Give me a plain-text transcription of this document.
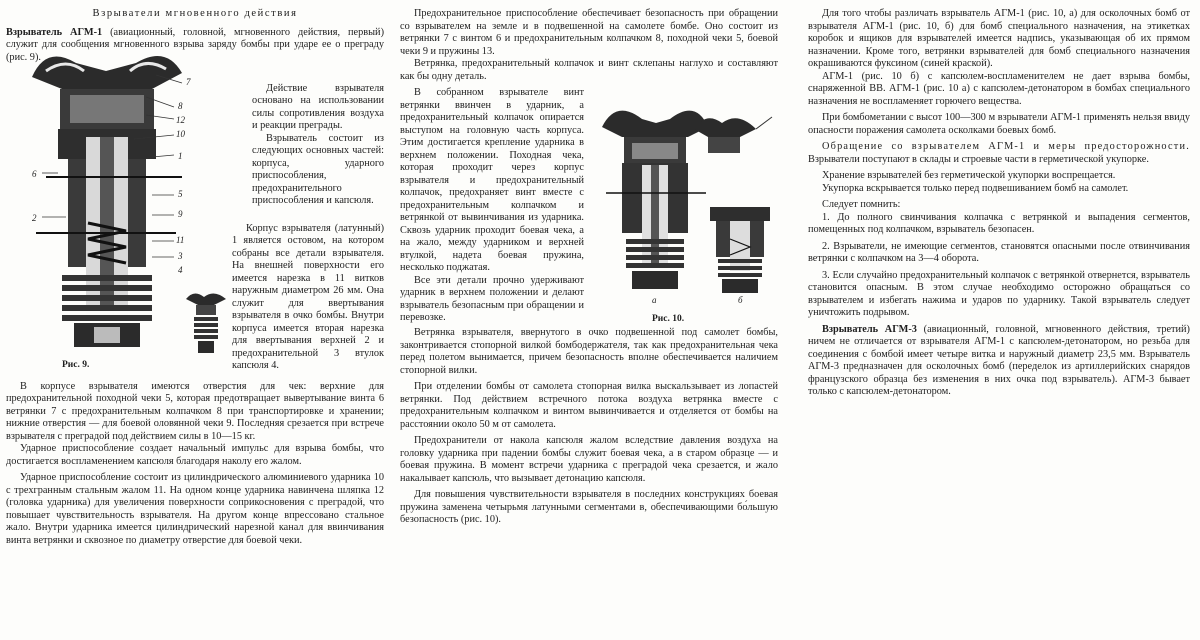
Взрыватели мгновенного действия

Взрыватель АГМ-1 (авиационный, головной, мгновенного действия, первый) служит для сообщения мгновенного взрыва заряду бомбы при ударе ее о преграду (рис. 9).

Действие взрывателя основано на использовании силы сопротивления воздуха и реакции преграды.

Взрыватель состоит из следующих основных частей: корпуса, ударного приспособления, предохранительного приспособления и капсюля.

Корпус взрывателя (латунный) 1 является остовом, на котором собраны все детали взрывателя. На внешней поверхности его имеется нарезка в 11 витков наружным диаметром 26 мм. Она служит для ввертывания взрывателя в очко бомбы. Внутри корпуса имеется вторая нарезка для ввертывания верхней 2 и предохранительной 3 втулок капсюля 4.

7
8
12
10
1
6
5
9
2
11
3
4
Рис. 9.

В корпусе взрывателя имеются отверстия для чек: верхние для предохранительной походной чеки 5, которая предотвращает вывертывание винта 6 ветрянки 7 с предохранительным колпачком 8 при транспортировке и хранении; нижние отверстия — для боевой оловянной чеки 9. Последняя срезается при встрече взрывателя с преградой под действием силы в 10—15 кг.

Ударное приспособление создает начальный импульс для взрыва бомбы, что достигается воспламенением капсюля благодаря наколу его жалом.

Ударное приспособление состоит из цилиндрического алюминиевого ударника 10 с трехгранным стальным жалом 11. На одном конце ударника навинчена шляпка 12 (головка ударника) для увеличения поверхности соприкосновения с преградой, что повышает чувствительность взрывателя. На другом конце впрессовано стальное жало. Внутри ударника имеется цилиндрический нарезной канал для ввинчивания винта ветрянки и сквозное по диаметру отверстие для боевой чеки.

Предохранительное приспособление обеспечивает безопасность при обращении со взрывателем на земле и в подвешенной на самолете бомбе. Оно состоит из ветрянки 7 с винтом 6 и предохранительным колпачком 8, походной чеки 5, боевой чеки 9 и пружины 13.

Ветрянка, предохранительный колпачок и винт склепаны наглухо и составляют как бы одну деталь.

В собранном взрывателе винт ветрянки ввинчен в ударник, а предохранительный колпачок опирается выступом на головную часть корпуса. Этим достигается крепление ударника в верхнем положении. Походная чека, которая проходит через корпус взрывателя и предохранительный колпачок, предохраняет винт вместе с предохранительным колпачком и ветрянкой от вывинчивания из ударника. Сквозь ударник проходит боевая чека, а на жало, между ударником и верхней втулкой, надета боевая пружина, несколько поджатая.

Все эти детали прочно удерживают ударник в верхнем положении и делают взрыватель безопасным при обращении и перевозке.

а	б
Рис. 10.

Ветрянка взрывателя, ввернутого в очко подвешенной под самолет бомбы, законтривается стопорной вилкой бомбодержателя, так как предохранительная чека перед полетом вынимается, причем безопасность вполне обеспечивается наличием стопорной вилки.

При отделении бомбы от самолета стопорная вилка выскальзывает из лопастей ветрянки. Под действием встречного потока воздуха ветрянка вместе с предохранительным колпачком и винтом вывинчивается и отделяется от бомбы на расстоянии около 50 м от самолета.

Предохранители от накола капсюля жалом вследствие давления воздуха на головку ударника при падении бомбы служит боевая чека, а в старом образце — и боевая пружина. В момент встречи ударника с преградой чека срезается, и жало накалывает капсюль, что вызывает детонацию капсюля.

Для повышения чувствительности взрывателя в последних конструкциях боевая пружина заменена четырьмя латунными сегментами в, обеспечивающими бо́льшую безопасность (рис. 10).

Для того чтобы различать взрыватель АГМ-1 (рис. 10, а) для осколочных бомб от взрывателя АГМ-1 (рис. 10, б) для бомб специального назначения, на этикетках коробок и ящиков для взрывателей имеется надпись, указывающая об их прямом назначении. Кроме того, ветрянки взрывателей для бомб специального назначения окрашиваются фуксином (синей краской).

АГМ-1 (рис. 10 б) с капсюлем-воспламенителем не дает взрыва бомбы, снаряженной ВВ. АГМ-1 (рис. 10 а) с капсюлем-детонатором в бомбах специального назначения не воспламеняет горючего вещества.

При бомбометании с высот 100—300 м взрыватели АГМ-1 применять нельзя ввиду опасности поражения самолета осколками боевых бомб.

Обращение со взрывателем АГМ-1 и меры предосторожности. Взрыватели поступают в склады и строевые части в герметической укупорке.

Хранение взрывателей без герметической укупорки воспрещается.

Укупорка вскрывается только перед подвешиванием бомб на самолет.

Следует помнить:

1. До полного свинчивания колпачка с ветрянкой и выпадения сегментов, помещенных под колпачком, взрыватель безопасен.

2. Взрыватели, не имеющие сегментов, становятся опасными после отвинчивания ветрянки с колпачком на 3—4 оборота.

3. Если случайно предохранительный колпачок с ветрянкой отвернется, взрыватель становится опасным. В этом случае необходимо осторожно обращаться со взрывателем и избегать нажима и ударов по ударнику. Такой взрыватель следует уничтожить подрывом.

Взрыватель АГМ-3 (авиационный, головной, мгновенного действия, третий) ничем не отличается от взрывателя АГМ-1 с капсюлем-детонатором, но резьба для соединения с бомбой имеет четыре витка и наружный диаметр 23,5 мм. Взрыватель АГМ-3 предназначен для осколочных бомб (переделок из артиллерийских снарядов французского образца без изменения в них очка под взрыватель). АГМ-3 бывает только с капсюлем-детонатором.
